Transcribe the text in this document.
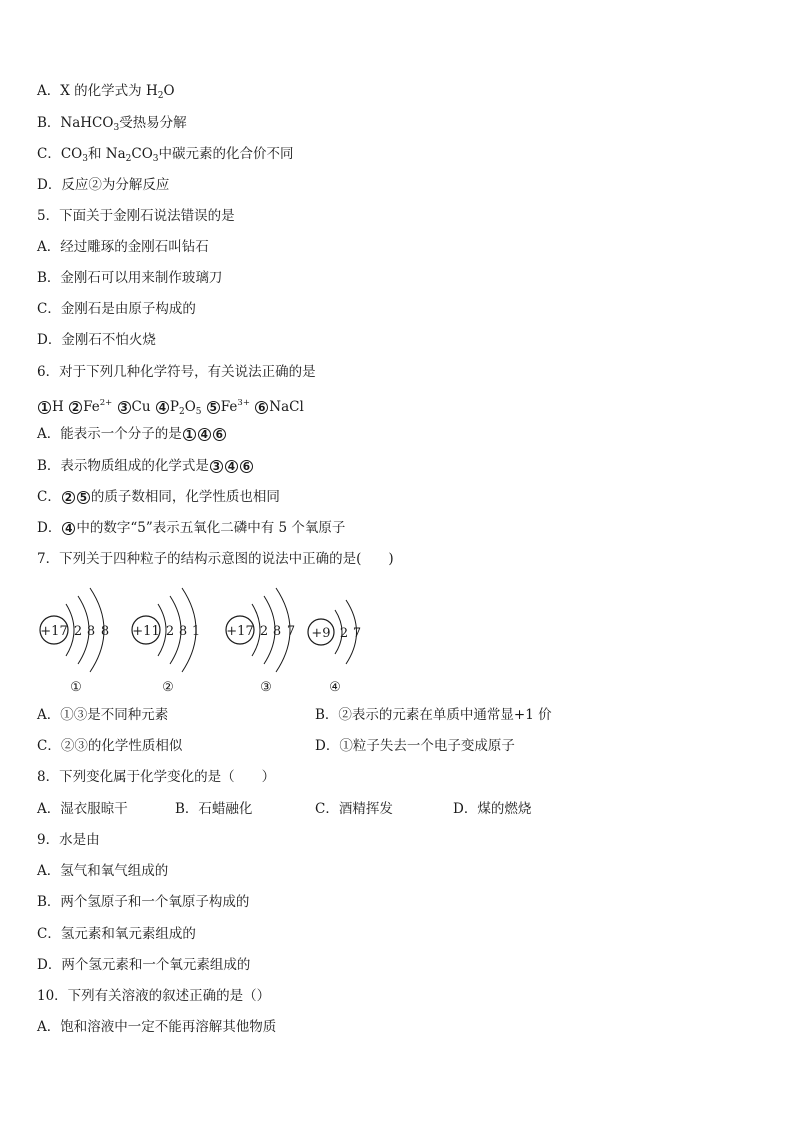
A．X 的化学式为 $H_2O$
B．NaHCO$_3$受热易分解
C．$CO_3$和 $Na_2CO_3$中碳元素的化合价不同
D．反应②为分解反应
5．下面关于金刚石说法错误的是
A．经过雕琢的金刚石叫钻石
B．金刚石可以用来制作玻璃刀
C．金刚石是由原子构成的
D．金刚石不怕火烧
6．对于下列几种化学符号，有关说法正确的是
1 H 2 $Fe^{2+}$ 3 Cu 4 $P_2O_5$ 5 $Fe^{3+}$ 6 NaCl
A．能表示一个分子的是 1 4 6
B．表示物质组成的化学式是 3 4 6
C． 2 5 的质子数相同，化学性质也相同
D． 4 中的数字“5”表示五氧化二磷中有 5 个氧原子
7．下列关于四种粒子的结构示意图的说法中正确的是(　　)
+17 2 8 8
①
+11 2 8 1
②
+17 2 8 7
③
+9 2 7
④
A．①③是不同种元素	B．②表示的元素在单质中通常显+1 价
C．②③的化学性质相似	D．①粒子失去一个电子变成原子
8．下列变化属于化学变化的是（　　）
A．湿衣服晾干	B．石蜡融化	C．酒精挥发	D．煤的燃烧
9．水是由
A．氢气和氧气组成的
B．两个氢原子和一个氧原子构成的
C．氢元素和氧元素组成的
D．两个氢元素和一个氧元素组成的
10．下列有关溶液的叙述正确的是（）
A．饱和溶液中一定不能再溶解其他物质
